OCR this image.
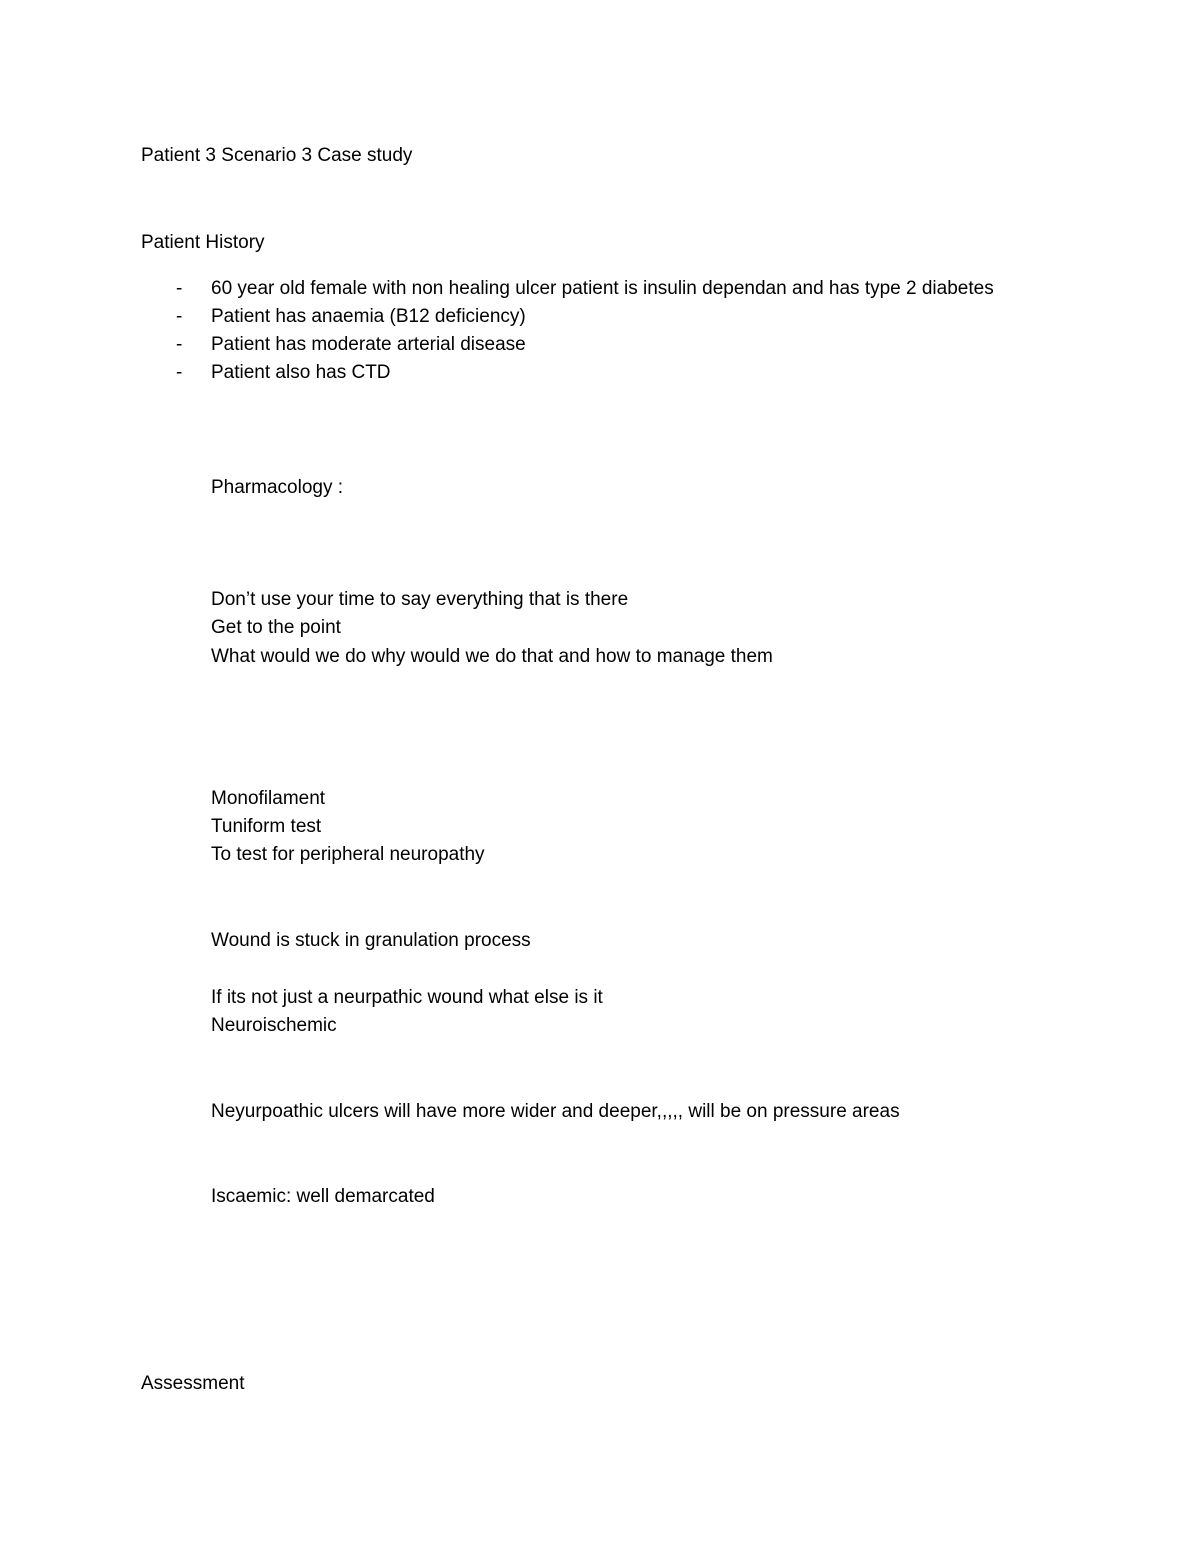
Patient 3 Scenario 3 Case study

Patient History

- 60 year old female with non healing ulcer patient is insulin dependan and has type 2 diabetes
- Patient has anaemia (B12 deficiency)
- Patient has moderate arterial disease
- Patient also has CTD

Pharmacology :

Don’t use your time to say everything that is there

Get to the point

What would we do why would we do that and how to manage them

Monofilament

Tuniform test

To test for peripheral neuropathy

Wound is stuck in granulation process

If its not just a neurpathic wound what else is it

Neuroischemic

Neyurpoathic ulcers will have more wider and deeper,,,,, will be on pressure areas

Iscaemic: well demarcated

Assessment
